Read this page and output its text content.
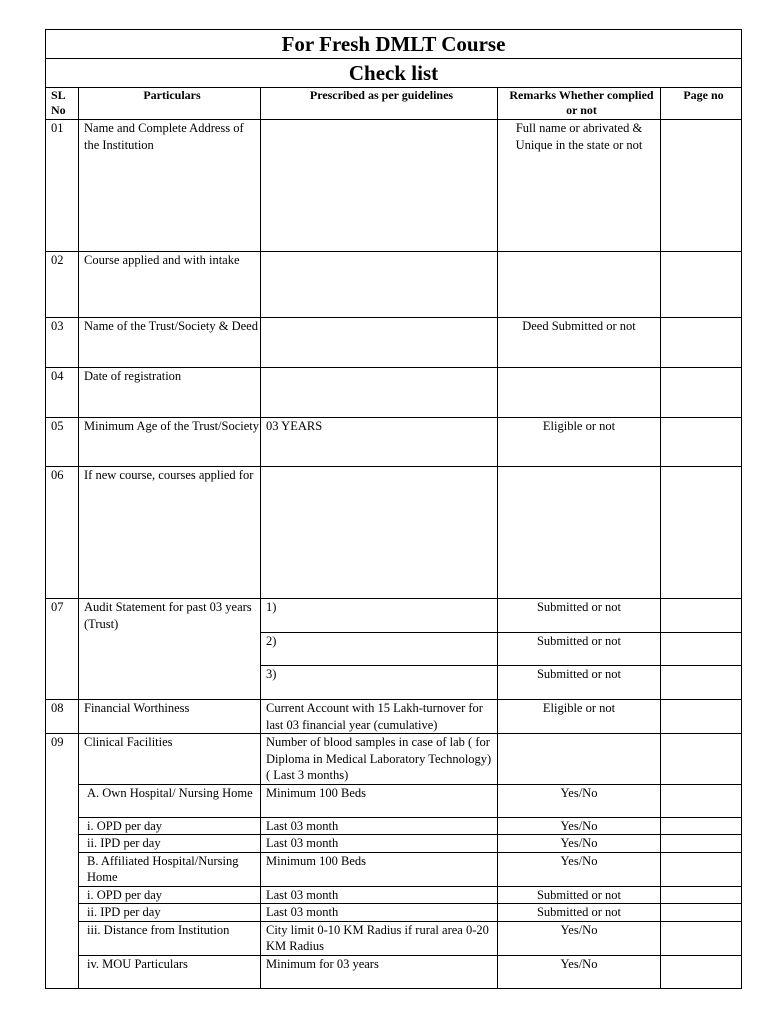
For Fresh DMLT Course				
Check list				
SL No	Particulars	Prescribed as per guidelines	Remarks Whether complied or not	Page no
01	Name and Complete Address of the Institution		Full name or abrivated & Unique in the state or not	
02	Course applied and with intake			
03	Name of the Trust/Society & Deed		Deed Submitted or not	
04	Date of registration			
05	Minimum Age of the Trust/Society	03 YEARS	Eligible or not	
06	If new course, courses applied for			
07	Audit Statement for past 03 years (Trust)	1)	Submitted or not	
		2)	Submitted or not	
		3)	Submitted or not	
08	Financial Worthiness	Current Account with 15 Lakh-turnover for last 03 financial year (cumulative)	Eligible or not	
09	Clinical Facilities	Number of blood samples in case of lab ( for Diploma in Medical Laboratory Technology) ( Last 3 months)		
	A. Own Hospital/ Nursing Home	Minimum 100 Beds	Yes/No	
	i. OPD per day	Last 03 month	Yes/No	
	ii. IPD per day	Last 03 month	Yes/No	
	B. Affiliated Hospital/Nursing Home	Minimum 100 Beds	Yes/No	
	i. OPD per day	Last 03 month	Submitted or not	
	ii. IPD per day	Last 03 month	Submitted or not	
	iii. Distance from Institution	City limit 0-10 KM Radius if rural area 0-20 KM Radius	Yes/No	
	iv. MOU Particulars	Minimum for 03 years	Yes/No	
